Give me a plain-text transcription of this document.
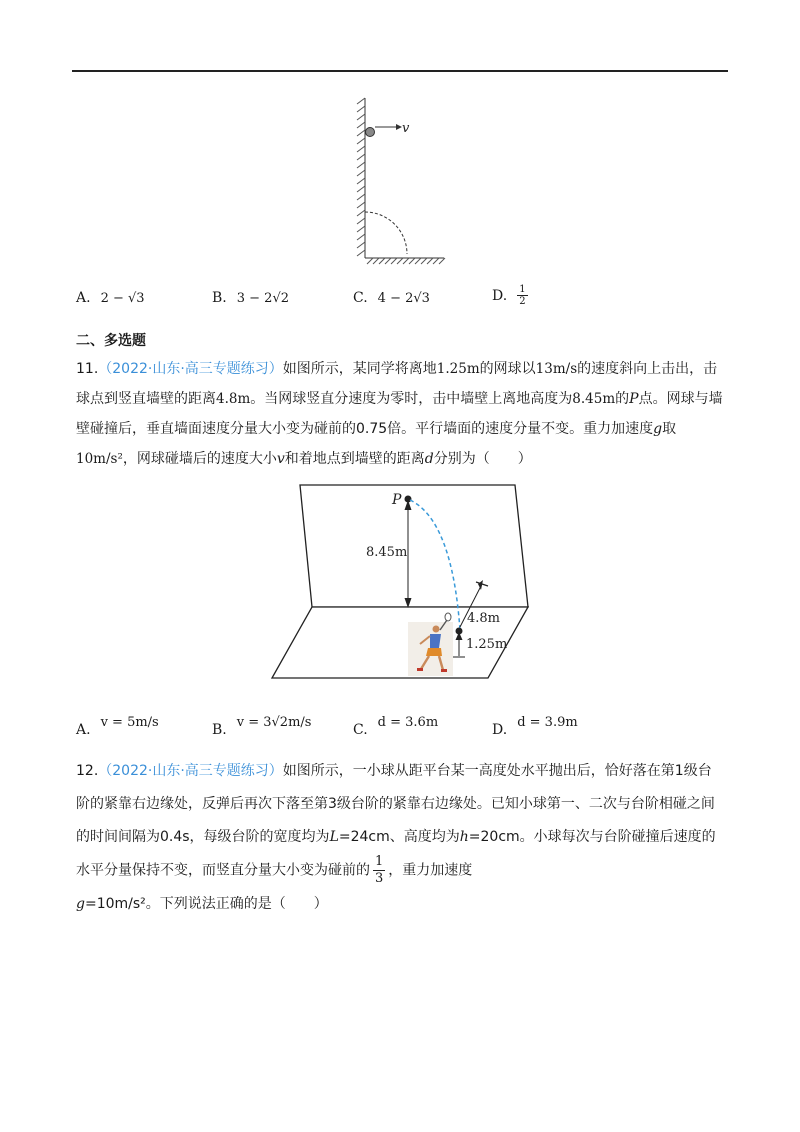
v
A. 2 − √3	B. 3 − 2√2	C. 4 − 2√3	D. $\frac{1}{2}$
二、多选题
11.（2022·山东·高三专题练习）如图所示，某同学将离地1.25m的网球以13m/s的速度斜向上击出，击球点到竖直墙壁的距离4.8m。当网球竖直分速度为零时，击中墙壁上离地高度为8.45m的P点。网球与墙壁碰撞后，垂直墙面速度分量大小变为碰前的0.75倍。平行墙面的速度分量不变。重力加速度g取10m/s²，网球碰墙后的速度大小v和着地点到墙壁的距离d分别为（　　）
P
8.45m
4.8m
1.25m
A. v = 5m/s	B. v = 3√2m/s	C. d = 3.6m	D. d = 3.9m
12.（2022·山东·高三专题练习）如图所示，一小球从距平台某一高度处水平抛出后，恰好落在第1级台阶的紧靠右边缘处，反弹后再次下落至第3级台阶的紧靠右边缘处。已知小球第一、二次与台阶相碰之间的时间间隔为0.4s，每级台阶的宽度均为L=24cm、高度均为h=20cm。小球每次与台阶碰撞后速度的水平分量保持不变，而竖直分量大小变为碰前的 $\frac{1}{3}$ ，重力加速度g=10m/s²。下列说法正确的是（　　）
